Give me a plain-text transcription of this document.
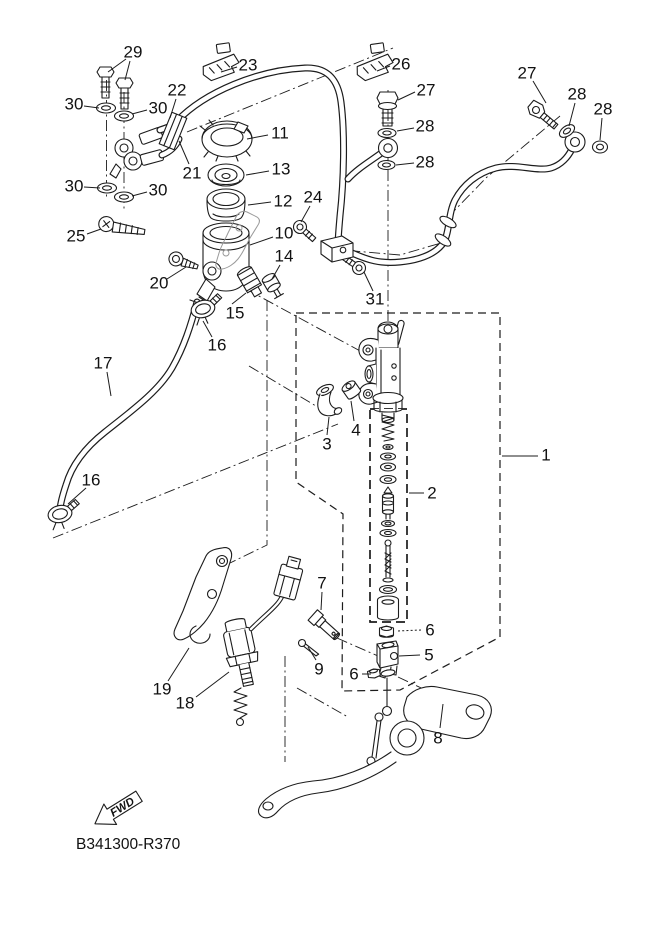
FWD
B341300-R370
29
30	30
22
23	26
27
27
28
28
28
28
11
13
12
21
30	30	24
10
25
14
20
15
31
16
17
16
3
4
1
2
6
5
6
7
9
8
19
18
